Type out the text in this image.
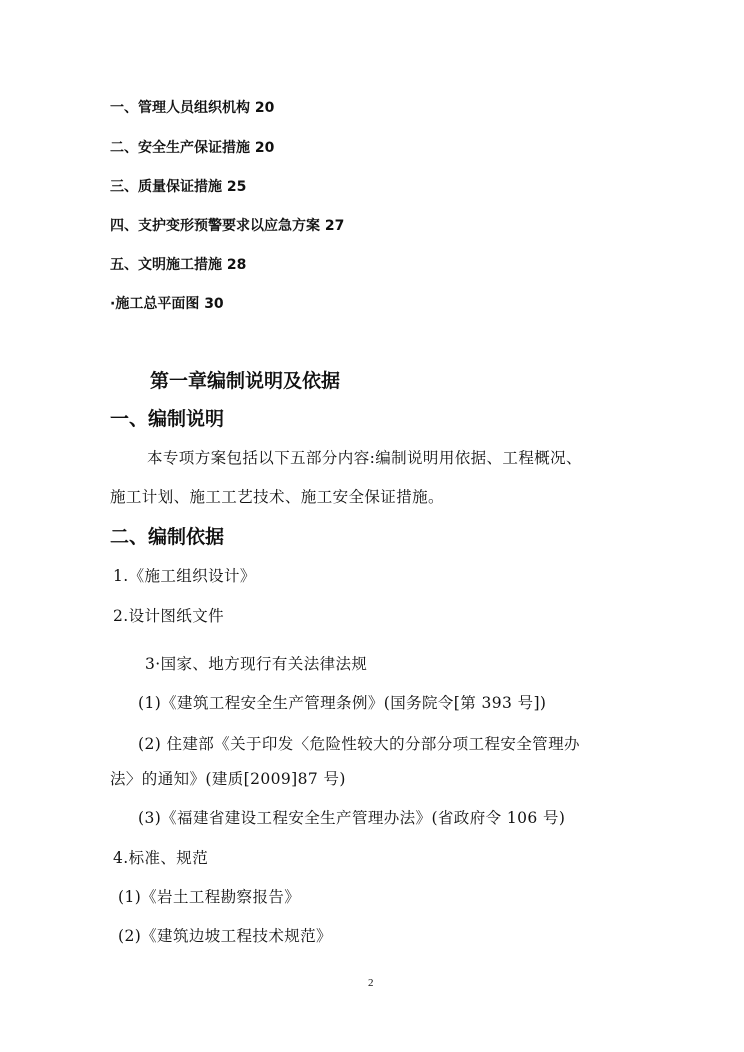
一、管理人员组织机构 20
二、安全生产保证措施 20
三、质量保证措施 25
四、支护变形预警要求以应急方案 27
五、文明施工措施 28
·施工总平面图 30
第一章编制说明及依据
一、编制说明
本专项方案包括以下五部分内容:编制说明用依据、工程概况、
施工计划、施工工艺技术、施工安全保证措施。
二、编制依据
1.《施工组织设计》
2.设计图纸文件
3·国家、地方现行有关法律法规
(1)《建筑工程安全生产管理条例》(国务院令[第 393 号])
(2) 住建部《关于印发〈危险性较大的分部分项工程安全管理办
法〉的通知》(建质[2009]87 号)
(3)《福建省建设工程安全生产管理办法》(省政府令 106 号)
4.标准、规范
(1)《岩土工程勘察报告》
(2)《建筑边坡工程技术规范》
2
